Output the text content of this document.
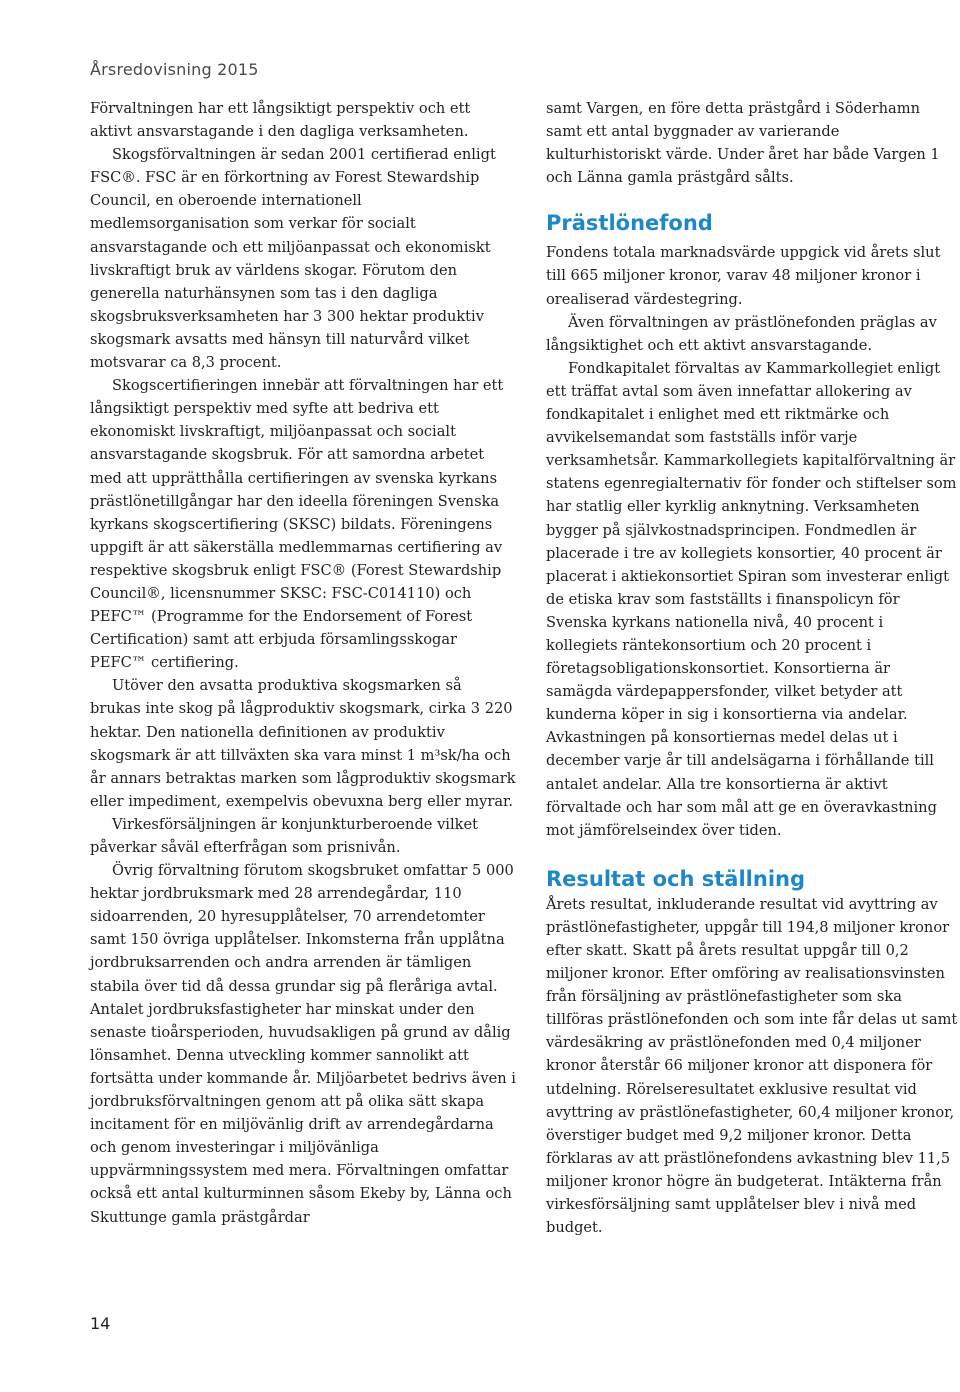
Årsredovisning 2015

Förvaltningen har ett långsiktigt perspektiv och ett aktivt ansvarstagande i den dagliga verksamheten.

Skogsförvaltningen är sedan 2001 certifierad enligt FSC®. FSC är en förkortning av Forest Stewardship Council, en oberoende internationell medlemsorganisation som verkar för socialt ansvarstagande och ett miljöanpassat och ekonomiskt livskraftigt bruk av världens skogar. Förutom den generella naturhänsynen som tas i den dagliga skogsbruksverksamheten har 3 300 hektar produktiv skogsmark avsatts med hänsyn till naturvård vilket motsvarar ca 8,3 procent.

Skogscertifieringen innebär att förvaltningen har ett långsiktigt perspektiv med syfte att bedriva ett ekonomiskt livskraftigt, miljöanpassat och socialt ansvarstagande skogsbruk. För att samordna arbetet med att upprätthålla certifieringen av svenska kyrkans prästlönetillgångar har den ideella föreningen Svenska kyrkans skogscertifiering (SKSC) bildats. Föreningens uppgift är att säkerställa medlemmarnas certifiering av respektive skogsbruk enligt FSC® (Forest Stewardship Council®, licensnummer SKSC: FSC-C014110) och PEFC™ (Programme for the Endorsement of Forest Certification) samt att erbjuda församlingsskogar PEFC™ certifiering.

Utöver den avsatta produktiva skogsmarken så brukas inte skog på lågproduktiv skogsmark, cirka 3 220 hektar. Den nationella definitionen av produktiv skogsmark är att tillväxten ska vara minst 1 m³sk/ha och år annars betraktas marken som lågproduktiv skogsmark eller impediment, exempelvis obevuxna berg eller myrar.

Virkesförsäljningen är konjunkturberoende vilket påverkar såväl efterfrågan som prisnivån.

Övrig förvaltning förutom skogsbruket omfattar 5 000 hektar jordbruksmark med 28 arrendegårdar, 110 sidoarrenden, 20 hyresupplåtelser, 70 arrendetomter samt 150 övriga upplåtelser. Inkomsterna från upplåtna jordbruksarrenden och andra arrenden är tämligen stabila över tid då dessa grundar sig på fleråriga avtal. Antalet jordbruksfastigheter har minskat under den senaste tioårsperioden, huvudsakligen på grund av dålig lönsamhet. Denna utveckling kommer sannolikt att fortsätta under kommande år. Miljöarbetet bedrivs även i jordbruksförvaltningen genom att på olika sätt skapa incitament för en miljövänlig drift av arrendegårdarna och genom investeringar i miljövänliga uppvärmningssystem med mera. Förvaltningen omfattar också ett antal kulturminnen såsom Ekeby by, Länna och Skuttunge gamla prästgårdar

samt Vargen, en före detta prästgård i Söderhamn samt ett antal byggnader av varierande kulturhistoriskt värde. Under året har både Vargen 1 och Länna gamla prästgård sålts.

Prästlönefond

Fondens totala marknadsvärde uppgick vid årets slut till 665 miljoner kronor, varav 48 miljoner kronor i orealiserad värdestegring.

Även förvaltningen av prästlönefonden präglas av långsiktighet och ett aktivt ansvarstagande.

Fondkapitalet förvaltas av Kammarkollegiet enligt ett träffat avtal som även innefattar allokering av fondkapitalet i enlighet med ett riktmärke och avvikelsemandat som fastställs inför varje verksamhetsår. Kammarkollegiets kapitalförvaltning är statens egenregialternativ för fonder och stiftelser som har statlig eller kyrklig anknytning. Verksamheten bygger på självkostnadsprincipen. Fondmedlen är placerade i tre av kollegiets konsortier, 40 procent är placerat i aktiekonsortiet Spiran som investerar enligt de etiska krav som fastställts i finanspolicyn för Svenska kyrkans nationella nivå, 40 procent i kollegiets räntekonsortium och 20 procent i företagsobligationskonsortiet. Konsortierna är samägda värdepappersfonder, vilket betyder att kunderna köper in sig i konsortierna via andelar. Avkastningen på konsortiernas medel delas ut i december varje år till andelsägarna i förhållande till antalet andelar. Alla tre konsortierna är aktivt förvaltade och har som mål att ge en överavkastning mot jämförelseindex över tiden.

Resultat och ställning

Årets resultat, inkluderande resultat vid avyttring av prästlönefastigheter, uppgår till 194,8 miljoner kronor efter skatt. Skatt på årets resultat uppgår till 0,2 miljoner kronor. Efter omföring av realisationsvinsten från försäljning av prästlönefastigheter som ska tillföras prästlönefonden och som inte får delas ut samt värdesäkring av prästlönefonden med 0,4 miljoner kronor återstår 66 miljoner kronor att disponera för utdelning. Rörelseresultatet exklusive resultat vid avyttring av prästlönefastigheter, 60,4 miljoner kronor, överstiger budget med 9,2 miljoner kronor. Detta förklaras av att prästlönefondens avkastning blev 11,5 miljoner kronor högre än budgeterat. Intäkterna från virkesförsäljning samt upplåtelser blev i nivå med budget.

14
